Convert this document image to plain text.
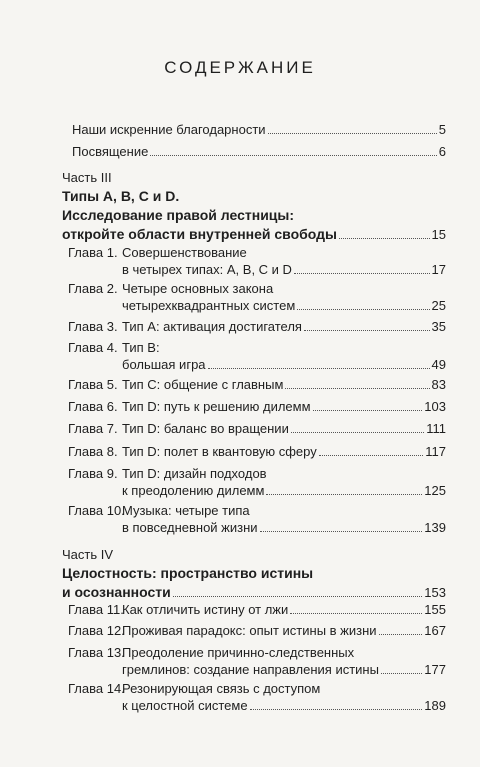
СОДЕРЖАНИЕ
Наши искренние благодарности	5
Посвящение	6
Часть III
Типы A, B, C и D.
Исследование правой лестницы:
откройте области внутренней свободы	15
Глава 1. Совершенствование
в четырех типах: A, B, C и D	17
Глава 2. Четыре основных закона
четырехквадрантных систем	25
Глава 3. Тип A: активация достигателя	35
Глава 4. Тип B:
большая игра	49
Глава 5. Тип C: общение с главным	83
Глава 6. Тип D: путь к решению дилемм	103
Глава 7. Тип D: баланс во вращении	111
Глава 8. Тип D: полет в квантовую сферу	117
Глава 9. Тип D: дизайн подходов
к преодолению дилемм	125
Глава 10.
Музыка: четыре типа
в повседневной жизни	139
Часть IV
Целостность: пространство истины
и осознанности	153
Глава 11.
Как отличить истину от лжи	155
Глава 12.
Проживая парадокс: опыт истины в жизни	167
Глава 13.
Преодоление причинно-следственных
гремлинов: создание направления истины	177
Глава 14.
Резонирующая связь с доступом
к целостной системе	189
